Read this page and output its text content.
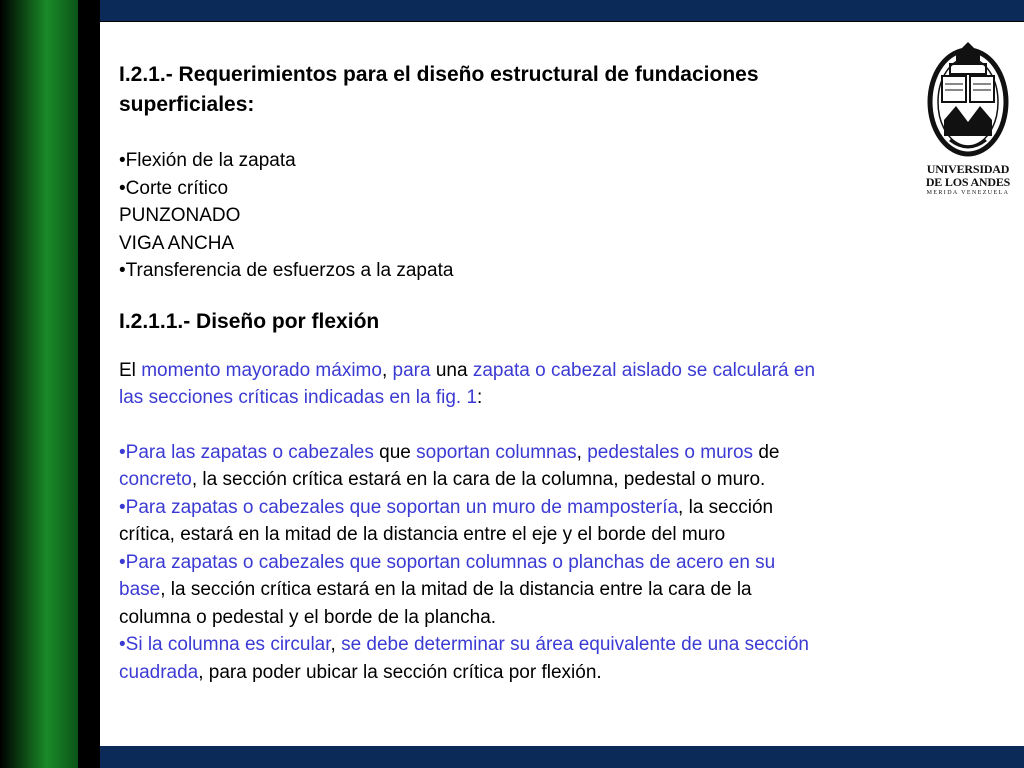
UNIVERSIDAD
DE LOS ANDES
MERIDA VENEZUELA

I.2.1.- Requerimientos para el diseño estructural de fundaciones

superficiales:

•Flexión de la zapata

•Corte crítico

PUNZONADO

VIGA ANCHA

•Transferencia de esfuerzos a la zapata

I.2.1.1.- Diseño por flexión

El momento mayorado máximo, para una zapata o cabezal aislado se calculará en

las secciones críticas indicadas en la fig. 1:

•Para las zapatas o cabezales que soportan columnas, pedestales o muros de

concreto, la sección crítica estará en la cara de la columna, pedestal o muro.

•Para zapatas o cabezales que soportan un muro de mampostería, la sección

crítica, estará en la mitad de la distancia entre el eje y el borde del muro

•Para zapatas o cabezales que soportan columnas o planchas de acero en su

base, la sección crítica estará en la mitad de la distancia entre la cara de la

columna o pedestal y el borde de la plancha.

•Si la columna es circular, se debe determinar su área equivalente de una sección

cuadrada, para poder ubicar la sección crítica por flexión.
